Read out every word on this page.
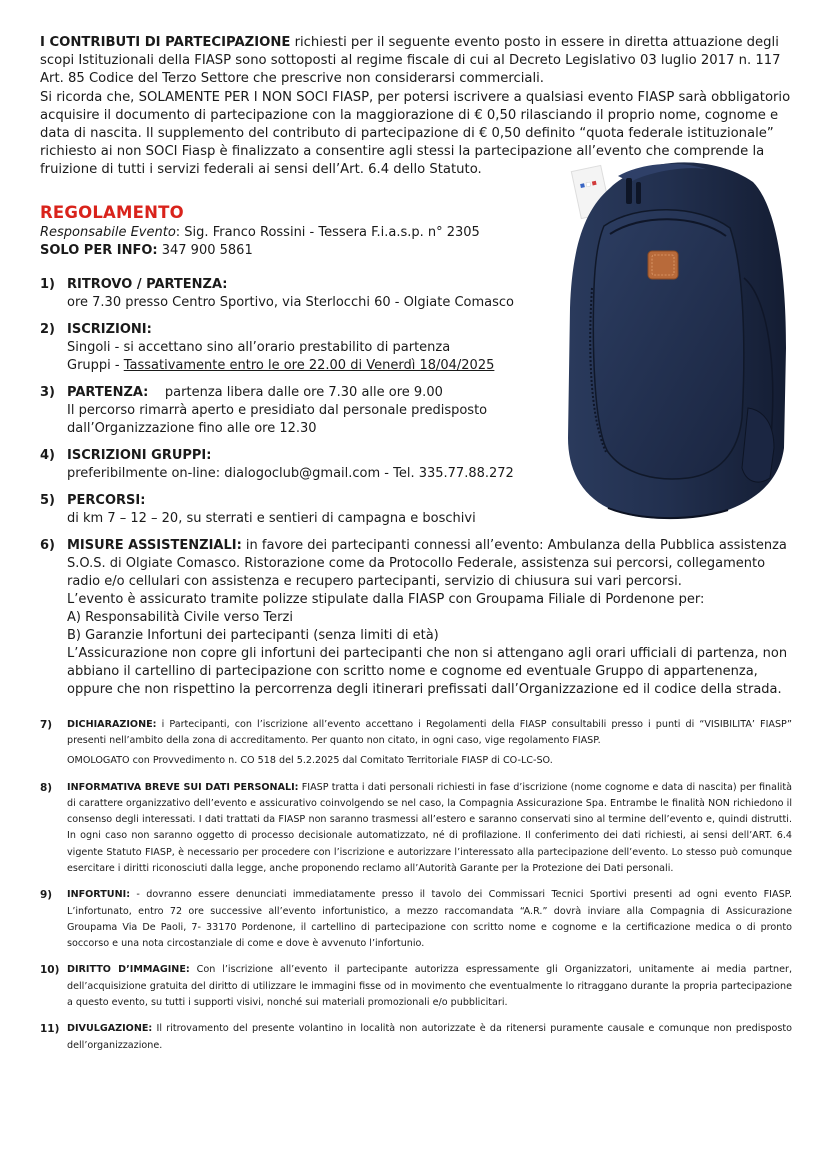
I CONTRIBUTI DI PARTECIPAZIONE richiesti per il seguente evento posto in essere in diretta attuazione degli scopi Istituzionali della FIASP sono sottoposti al regime fiscale di cui al Decreto Legislativo 03 luglio 2017 n. 117 Art. 85 Codice del Terzo Settore che prescrive non considerarsi commerciali.

Si ricorda che, SOLAMENTE PER I NON SOCI FIASP, per potersi iscrivere a qualsiasi evento FIASP sarà obbligatorio acquisire il documento di partecipazione con la maggiorazione di € 0,50 rilasciando il proprio nome, cognome e data di nascita. Il supplemento del contributo di partecipazione di € 0,50 definito “quota federale istituzionale” richiesto ai non SOCI Fiasp è finalizzato a consentire agli stessi la partecipazione all’evento che comprende la fruizione di tutti i servizi federali ai sensi dell’Art. 6.4 dello Statuto.

REGOLAMENTO
Responsabile Evento: Sig. Franco Rossini - Tessera F.i.a.s.p. n° 2305
SOLO PER INFO: 347 900 5861
1) RITROVO / PARTENZA:
ore 7.30 presso Centro Sportivo, via Sterlocchi 60 - Olgiate Comasco
2) ISCRIZIONI:
Singoli - si accettano sino all’orario prestabilito di partenza
Gruppi - Tassativamente entro le ore 22.00 di Venerdì 18/04/2025
3) PARTENZA:    partenza libera dalle ore 7.30 alle ore 9.00
Il percorso rimarrà aperto e presidiato dal personale predisposto
dall’Organizzazione fino alle ore 12.30
4) ISCRIZIONI GRUPPI:
preferibilmente on-line: dialogoclub@gmail.com - Tel. 335.77.88.272
5) PERCORSI:
di km 7 – 12 – 20, su sterrati e sentieri di campagna e boschivi
6) MISURE ASSISTENZIALI: in favore dei partecipanti connessi all’evento: Ambulanza della Pubblica assistenza S.O.S. di Olgiate Comasco. Ristorazione come da Protocollo Federale, assistenza sui percorsi, collegamento radio e/o cellulari con assistenza e recupero partecipanti, servizio di chiusura sui vari percorsi.
L’evento è assicurato tramite polizze stipulate dalla FIASP con Groupama Filiale di Pordenone per:
A) Responsabilità Civile verso Terzi
B) Garanzie Infortuni dei partecipanti (senza limiti di età)
L’Assicurazione non copre gli infortuni dei partecipanti che non si attengano agli orari ufficiali di partenza, non abbiano il cartellino di partecipazione con scritto nome e cognome ed eventuale Gruppo di appartenenza, oppure che non rispettino la percorrenza degli itinerari prefissati dall’Organizzazione ed il codice della strada.
7) DICHIARAZIONE: i Partecipanti, con l’iscrizione all’evento accettano i Regolamenti della FIASP consultabili presso i punti di “VISIBILITA’ FIASP” presenti nell’ambito della zona di accreditamento. Per quanto non citato, in ogni caso, vige regolamento FIASP.
OMOLOGATO con Provvedimento n. CO 518 del 5.2.2025 dal Comitato Territoriale FIASP di CO-LC-SO.
8) INFORMATIVA BREVE SUI DATI PERSONALI: FIASP tratta i dati personali richiesti in fase d’iscrizione (nome cognome e data di nascita) per finalità di carattere organizzativo dell’evento e assicurativo coinvolgendo se nel caso, la Compagnia Assicurazione Spa. Entrambe le finalità NON richiedono il consenso degli interessati. I dati trattati da FIASP non saranno trasmessi all’estero e saranno conservati sino al termine dell’evento e, quindi distrutti. In ogni caso non saranno oggetto di processo decisionale automatizzato, né di profilazione. Il conferimento dei dati richiesti, ai sensi dell’ART. 6.4 vigente Statuto FIASP, è necessario per procedere con l’iscrizione e autorizzare l’interessato alla partecipazione dell’evento. Lo stesso può comunque esercitare i diritti riconosciuti dalla legge, anche proponendo reclamo all’Autorità Garante per la Protezione dei Dati personali.
9) INFORTUNI: - dovranno essere denunciati immediatamente presso il tavolo dei Commissari Tecnici Sportivi presenti ad ogni evento FIASP. L’infortunato, entro 72 ore successive all’evento infortunistico, a mezzo raccomandata “A.R.” dovrà inviare alla Compagnia di Assicurazione Groupama Via De Paoli, 7- 33170 Pordenone, il cartellino di partecipazione con scritto nome e cognome e la certificazione medica o di pronto soccorso e una nota circostanziale di come e dove è avvenuto l’infortunio.
10) DIRITTO D’IMMAGINE: Con l’iscrizione all’evento il partecipante autorizza espressamente gli Organizzatori, unitamente ai media partner, dell’acquisizione gratuita del diritto di utilizzare le immagini fisse od in movimento che eventualmente lo ritraggano durante la propria partecipazione a questo evento, su tutti i supporti visivi, nonché sui materiali promozionali e/o pubblicitari.
11) DIVULGAZIONE: Il ritrovamento del presente volantino in località non autorizzate è da ritenersi puramente causale e comunque non predisposto dell’organizzazione.
